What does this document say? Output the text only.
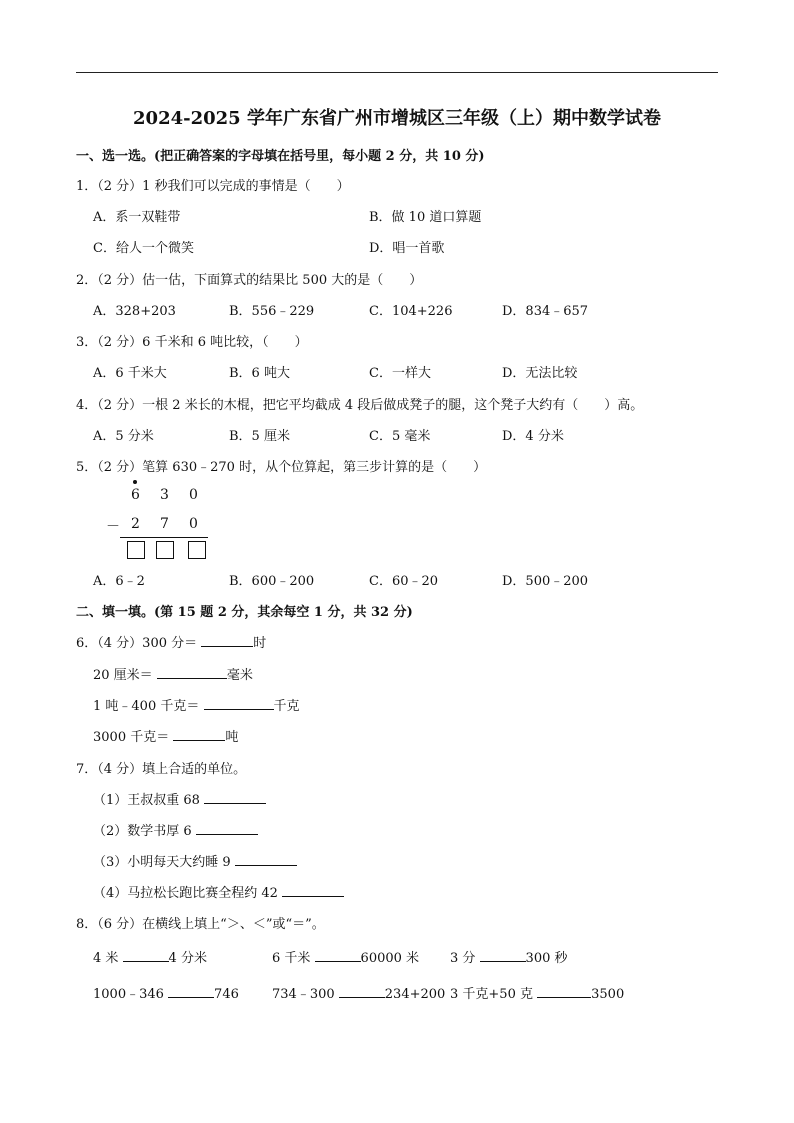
2024-2025 学年广东省广州市增城区三年级（上）期中数学试卷
一、选一选。(把正确答案的字母填在括号里，每小题 2 分，共 10 分)
1．（2 分）1 秒我们可以完成的事情是（　　）
A．系一双鞋带	B．做 10 道口算题
C．给人一个微笑	D．唱一首歌
2．（2 分）估一估，下面算式的结果比 500 大的是（　　）
A．328+203	B．556﹣229	C．104+226	D．834﹣657
3．（2 分）6 千米和 6 吨比较，（　　）
A．6 千米大	B．6 吨大	C．一样大	D．无法比较
4．（2 分）一根 2 米长的木棍，把它平均截成 4 段后做成凳子的腿，这个凳子大约有（　　）高。
A．5 分米	B．5 厘米	C．5 毫米	D．4 分米
5．（2 分）笔算 630﹣270 时，从个位算起，第三步计算的是（　　）
6 3 0
－ 2 7 0
A．6﹣2	B．600﹣200	C．60﹣20	D．500﹣200
二、填一填。(第 15 题 2 分，其余每空 1 分，共 32 分)
6．（4 分）300 分＝	时
20 厘米＝	毫米
1 吨﹣400 千克＝	千克
3000 千克＝	吨
7．（4 分）填上合适的单位。
（1）王叔叔重 68
（2）数学书厚 6
（3）小明每天大约睡 9
（4）马拉松长跑比赛全程约 42
8．（6 分）在横线上填上“＞、＜”或“＝”。
4 米	4 分米	6 千米	60000 米 3 分	300 秒
1000﹣346	746	734﹣300	234+200 3 千克+50 克	3500
